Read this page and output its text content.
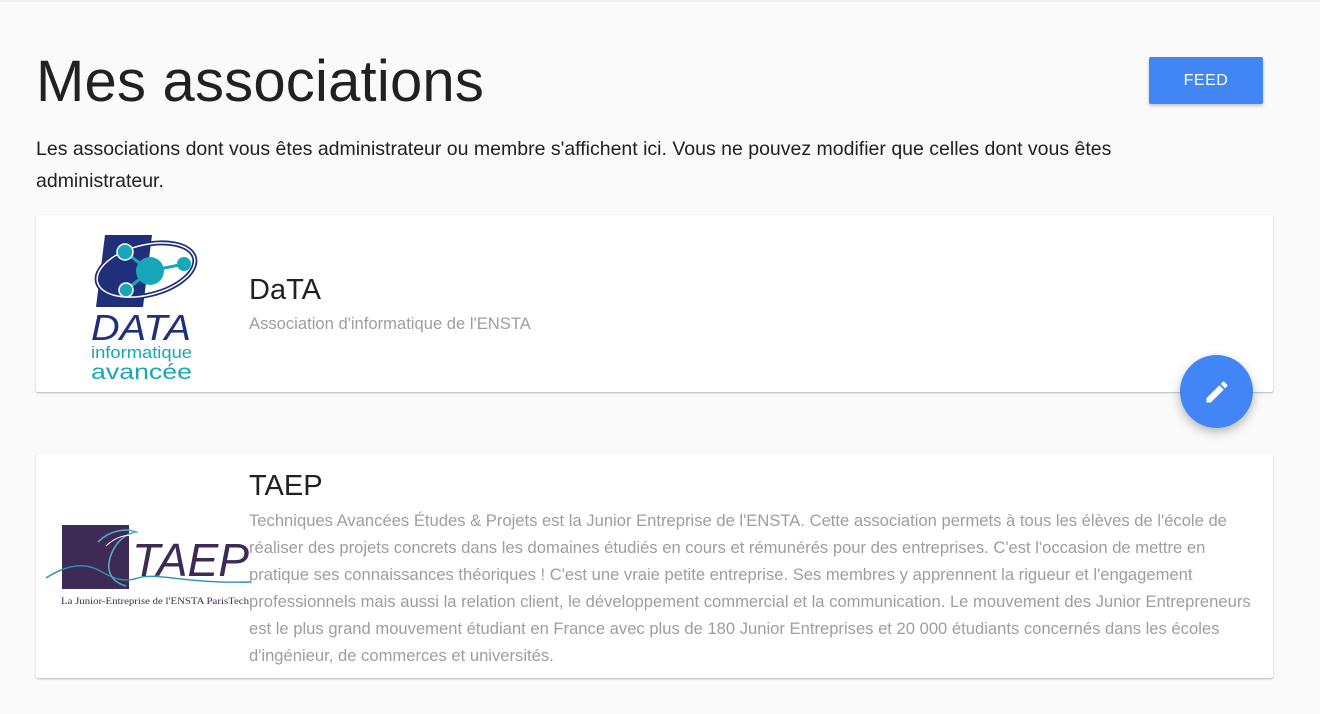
Mes associations	FEED

Les associations dont vous êtes administrateur ou membre s'affichent ici. Vous ne pouvez modifier que celles dont vous êtes administrateur.

DATA
informatique
avancée
DaTA

Association d'informatique de l'ENSTA

TAEP
La Junior-Entreprise de l'ENSTA ParisTech
TAEP

Techniques Avancées Études & Projets est la Junior Entreprise de l'ENSTA. Cette association permets à tous les élèves de l'école de réaliser des projets concrets dans les domaines étudiés en cours et rémunérés pour des entreprises. C'est l'occasion de mettre en pratique ses connaissances théoriques ! C'est une vraie petite entreprise. Ses membres y apprennent la rigueur et l'engagement professionnels mais aussi la relation client, le développement commercial et la communication. Le mouvement des Junior Entrepreneurs est le plus grand mouvement étudiant en France avec plus de 180 Junior Entreprises et 20 000 étudiants concernés dans les écoles d'ingénieur, de commerces et universités.
